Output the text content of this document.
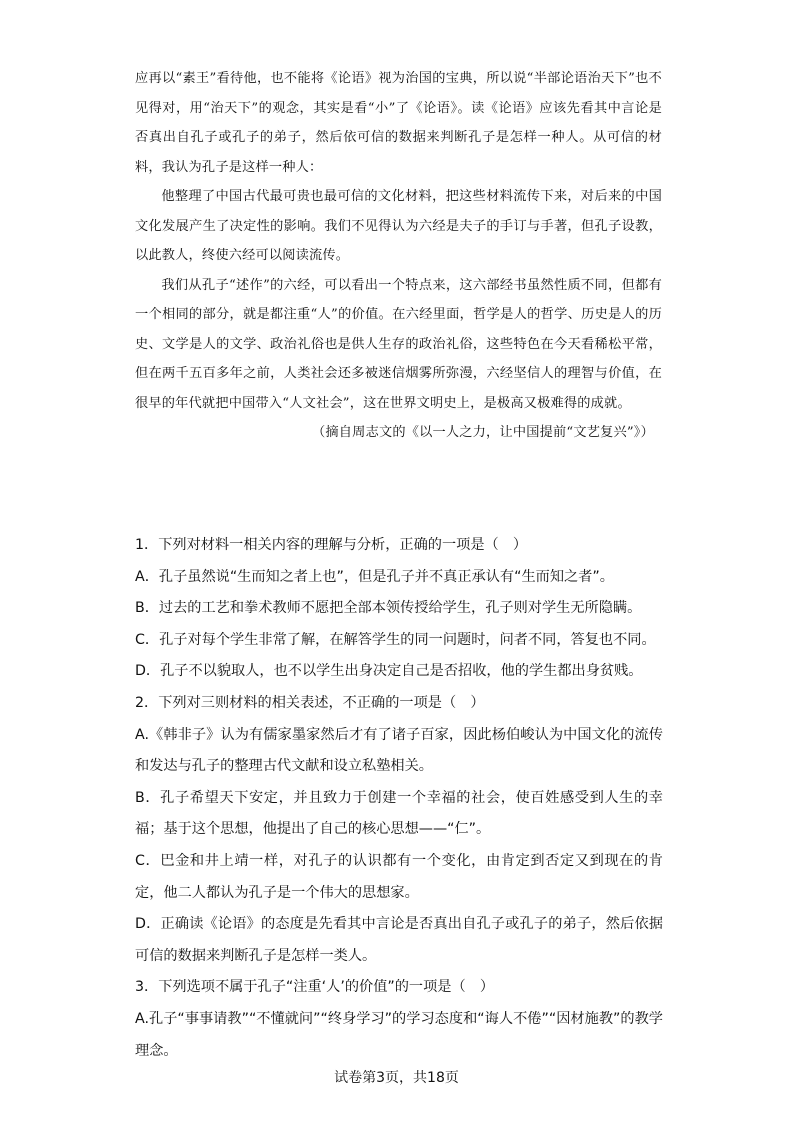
应再以“素王”看待他，也不能将《论语》视为治国的宝典，所以说“半部论语治天下”也不见得对，用“治天下”的观念，其实是看“小”了《论语》。读《论语》应该先看其中言论是否真出自孔子或孔子的弟子，然后依可信的数据来判断孔子是怎样一种人。从可信的材料，我认为孔子是这样一种人：

他整理了中国古代最可贵也最可信的文化材料，把这些材料流传下来，对后来的中国文化发展产生了决定性的影响。我们不见得认为六经是夫子的手订与手著，但孔子设教，以此教人，终使六经可以阅读流传。

我们从孔子“述作”的六经，可以看出一个特点来，这六部经书虽然性质不同，但都有一个相同的部分，就是都注重“人”的价值。在六经里面，哲学是人的哲学、历史是人的历史、文学是人的文学、政治礼俗也是供人生存的政治礼俗，这些特色在今天看稀松平常，但在两千五百多年之前，人类社会还多被迷信烟雾所弥漫，六经坚信人的理智与价值，在很早的年代就把中国带入“人文社会”，这在世界文明史上，是极高又极难得的成就。

（摘自周志文的《以一人之力，让中国提前“文艺复兴”》）

1．下列对材料一相关内容的理解与分析，正确的一项是（　）

A．孔子虽然说“生而知之者上也”，但是孔子并不真正承认有“生而知之者”。

B．过去的工艺和拳术教师不愿把全部本领传授给学生，孔子则对学生无所隐瞒。

C．孔子对每个学生非常了解，在解答学生的同一问题时，问者不同，答复也不同。

D．孔子不以貌取人，也不以学生出身决定自己是否招收，他的学生都出身贫贱。

2．下列对三则材料的相关表述，不正确的一项是（　）

A.《韩非子》认为有儒家墨家然后才有了诸子百家，因此杨伯峻认为中国文化的流传和发达与孔子的整理古代文献和设立私塾相关。

B．孔子希望天下安定，并且致力于创建一个幸福的社会，使百姓感受到人生的幸福；基于这个思想，他提出了自己的核心思想——“仁”。

C．巴金和井上靖一样，对孔子的认识都有一个变化，由肯定到否定又到现在的肯定，他二人都认为孔子是一个伟大的思想家。

D．正确读《论语》的态度是先看其中言论是否真出自孔子或孔子的弟子，然后依据可信的数据来判断孔子是怎样一类人。

3．下列选项不属于孔子“注重‘人’的价值”的一项是（　）

A.孔子“事事请教”“不懂就问”“终身学习”的学习态度和“诲人不倦”“因材施教”的教学理念。

试卷第3页，共18页
